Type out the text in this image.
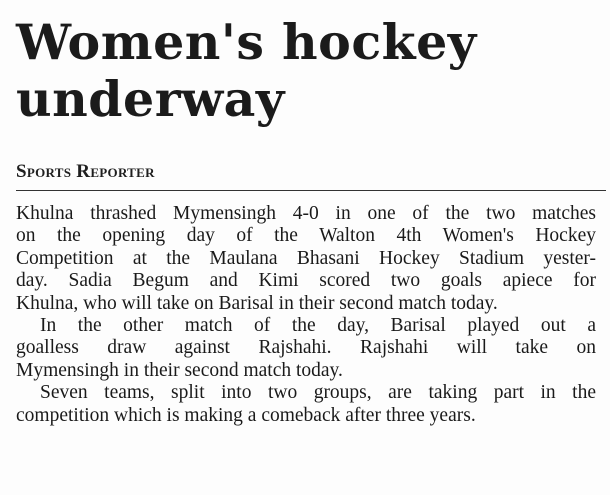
Women's hockey
underway

Sports Reporter

Khulna thrashed Mymensingh 4-0 in one of the two matches
on the opening day of the Walton 4th Women's Hockey
Competition at the Maulana Bhasani Hockey Stadium yester-
day. Sadia Begum and Kimi scored two goals apiece for
Khulna, who will take on Barisal in their second match today.

In the other match of the day, Barisal played out a
goalless draw against Rajshahi. Rajshahi will take on
Mymensingh in their second match today.

Seven teams, split into two groups, are taking part in the
competition which is making a comeback after three years.
